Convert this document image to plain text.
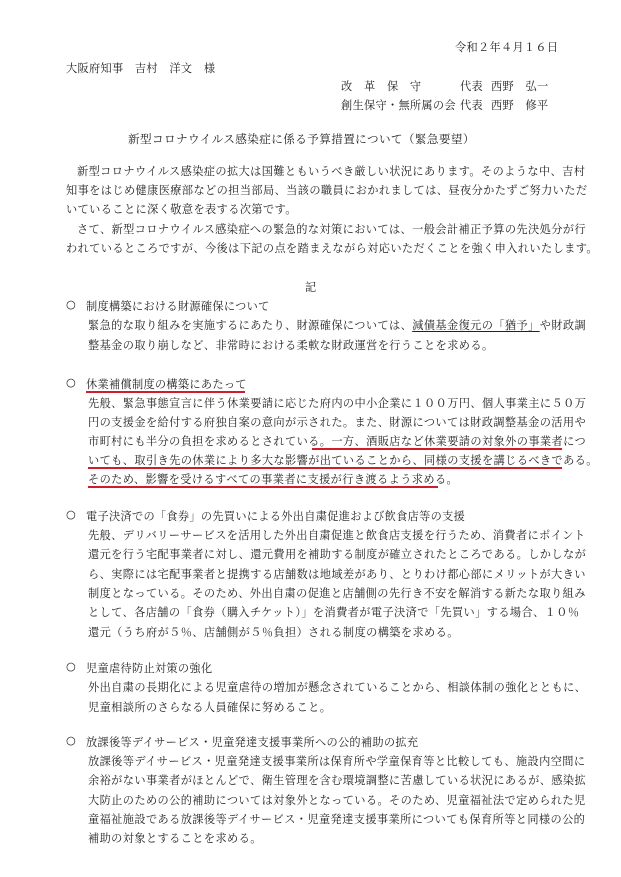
令和２年４月１６日
大阪府知事　吉村　洋文　様
改　革　保　守	代表 西野　弘一
創生保守・無所属の会 代表 西野　修平
新型コロナウイルス感染症に係る予算措置について（緊急要望）
新型コロナウイルス感染症の拡大は国難ともいうべき厳しい状況にあります。そのような中、吉村
知事をはじめ健康医療部などの担当部局、当該の職員におかれましては、昼夜分かたずご努力いただ
いていることに深く敬意を表する次第です。
さて、新型コロナウイルス感染症への緊急的な対策においては、一般会計補正予算の先決処分が行
われているところですが、今後は下記の点を踏まえながら対応いただくことを強く申入れいたします。
記
○ 制度構築における財源確保について
緊急的な取り組みを実施するにあたり、財源確保については、減債基金復元の「猶予」や財政調
整基金の取り崩しなど、非常時における柔軟な財政運営を行うことを求める。
○ 休業補償制度の構築にあたって
先般、緊急事態宣言に伴う休業要請に応じた府内の中小企業に１００万円、個人事業主に５０万
円の支援金を給付する府独自案の意向が示された。また、財源については財政調整基金の活用や
市町村にも半分の負担を求めるとされている。一方、酒販店など休業要請の対象外の事業者につ
いても、取引き先の休業により多大な影響が出ていることから、同様の支援を講じるべきである。
そのため、影響を受けるすべての事業者に支援が行き渡るよう求める。
○ 電子決済での「食券」の先買いによる外出自粛促進および飲食店等の支援
先般、デリバリーサービスを活用した外出自粛促進と飲食店支援を行うため、消費者にポイント
還元を行う宅配事業者に対し、還元費用を補助する制度が確立されたところである。しかしなが
ら、実際には宅配事業者と提携する店舗数は地域差があり、とりわけ都心部にメリットが大きい
制度となっている。そのため、外出自粛の促進と店舗側の先行き不安を解消する新たな取り組み
として、各店舗の「食券（購入チケット）」を消費者が電子決済で「先買い」する場合、１０％
還元（うち府が５％、店舗側が５％負担）される制度の構築を求める。
○ 児童虐待防止対策の強化
外出自粛の長期化による児童虐待の増加が懸念されていることから、相談体制の強化とともに、
児童相談所のさらなる人員確保に努めること。
○ 放課後等デイサービス・児童発達支援事業所への公的補助の拡充
放課後等デイサービス・児童発達支援事業所は保育所や学童保育等と比較しても、施設内空間に
余裕がない事業者がほとんどで、衛生管理を含む環境調整に苦慮している状況にあるが、感染拡
大防止のための公的補助については対象外となっている。そのため、児童福祉法で定められた児
童福祉施設である放課後等デイサービス・児童発達支援事業所についても保育所等と同様の公的
補助の対象とすることを求める。
